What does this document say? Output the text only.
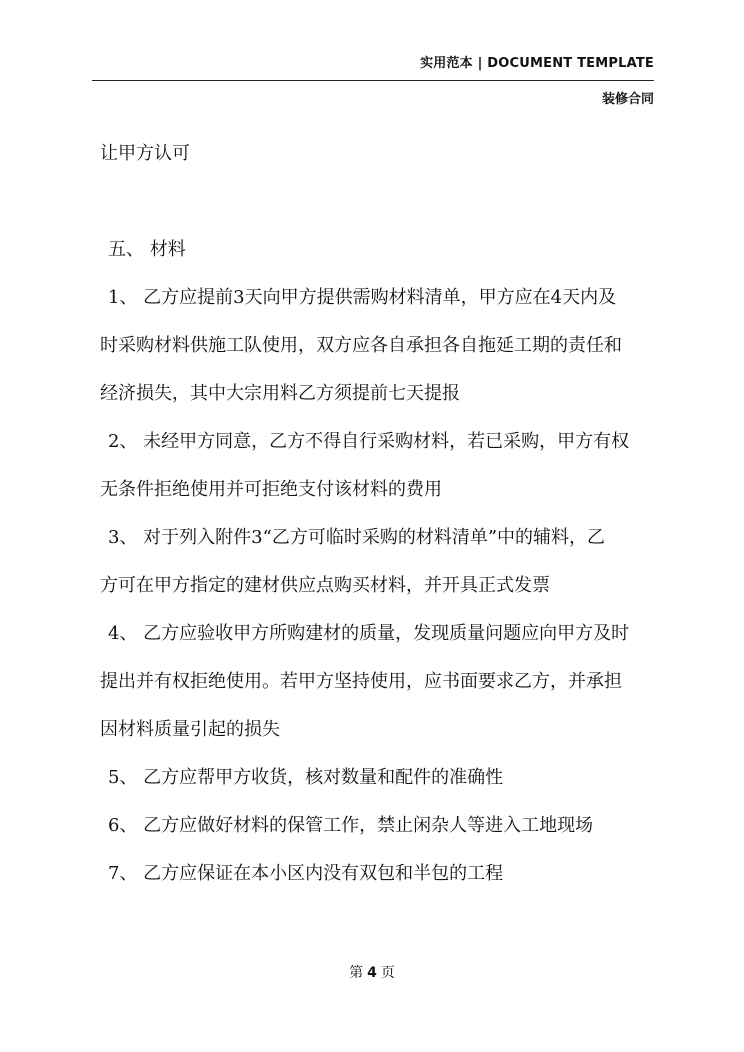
实用范本 | DOCUMENT TEMPLATE
装修合同
让甲方认可
五、 材料
1、 乙方应提前3天向甲方提供需购材料清单，甲方应在4天内及
时采购材料供施工队使用，双方应各自承担各自拖延工期的责任和
经济损失，其中大宗用料乙方须提前七天提报
2、 未经甲方同意，乙方不得自行采购材料，若已采购，甲方有权
无条件拒绝使用并可拒绝支付该材料的费用
3、 对于列入附件3“乙方可临时采购的材料清单”中的辅料，乙
方可在甲方指定的建材供应点购买材料，并开具正式发票
4、 乙方应验收甲方所购建材的质量，发现质量问题应向甲方及时
提出并有权拒绝使用。若甲方坚持使用，应书面要求乙方，并承担
因材料质量引起的损失
5、 乙方应帮甲方收货，核对数量和配件的准确性
6、 乙方应做好材料的保管工作，禁止闲杂人等进入工地现场
7、 乙方应保证在本小区内没有双包和半包的工程
第 4 页
